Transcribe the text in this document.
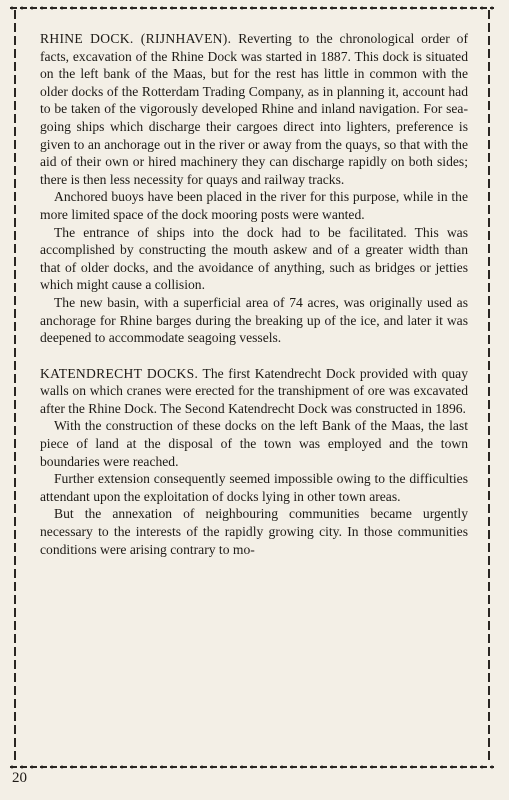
RHINE DOCK. (RIJNHAVEN). Reverting to the chronological order of facts, excavation of the Rhine Dock was started in 1887. This dock is situated on the left bank of the Maas, but for the rest has little in common with the older docks of the Rotterdam Trading Company, as in planning it, account had to be taken of the vigorously developed Rhine and inland navigation. For sea-going ships which discharge their cargoes direct into lighters, preference is given to an anchorage out in the river or away from the quays, so that with the aid of their own or hired machinery they can discharge rapidly on both sides; there is then less necessity for quays and railway tracks.

Anchored buoys have been placed in the river for this purpose, while in the more limited space of the dock mooring posts were wanted.

The entrance of ships into the dock had to be facilitated. This was accomplished by constructing the mouth askew and of a greater width than that of older docks, and the avoidance of anything, such as bridges or jetties which might cause a collision.

The new basin, with a superficial area of 74 acres, was originally used as anchorage for Rhine barges during the breaking up of the ice, and later it was deepened to accommodate seagoing vessels.

KATENDRECHT DOCKS. The first Katendrecht Dock provided with quay walls on which cranes were erected for the transhipment of ore was excavated after the Rhine Dock. The Second Katendrecht Dock was constructed in 1896.

With the construction of these docks on the left Bank of the Maas, the last piece of land at the disposal of the town was employed and the town boundaries were reached.

Further extension consequently seemed impossible owing to the difficulties attendant upon the exploitation of docks lying in other town areas.

But the annexation of neighbouring communities became urgently necessary to the interests of the rapidly growing city. In those communities conditions were arising contrary to mo-

20
